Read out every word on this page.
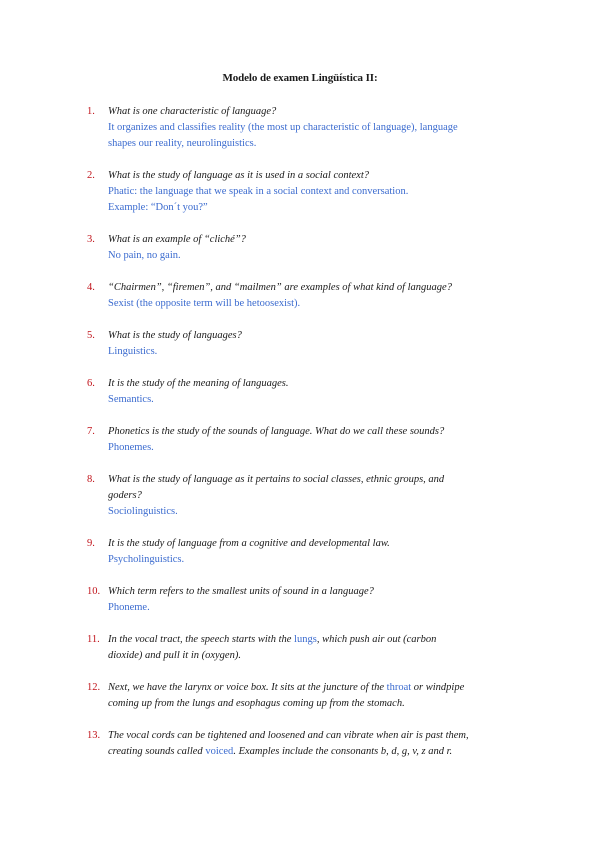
Modelo de examen Lingüística II:
1.	What is one characteristic of language?
It organizes and classifies reality (the most up characteristic of language), language
shapes our reality, neurolinguistics.
2.	What is the study of language as it is used in a social context?
Phatic: the language that we speak in a social context and conversation.
Example: “Don´t you?”
3.	What is an example of “cliché”?
No pain, no gain.
4.	“Chairmen”, “firemen”, and “mailmen” are examples of what kind of language?
Sexist (the opposite term will be hetoosexist).
5.	What is the study of languages?
Linguistics.
6.	It is the study of the meaning of languages.
Semantics.
7.	Phonetics is the study of the sounds of language. What do we call these sounds?
Phonemes.
8.	What is the study of language as it pertains to social classes, ethnic groups, and
goders?
Sociolinguistics.
9.	It is the study of language from a cognitive and developmental law.
Psycholinguistics.
10. Which term refers to the smallest units of sound in a language?
Phoneme.
11. In the vocal tract, the speech starts with the lungs, which push air out (carbon
dioxide) and pull it in (oxygen).
12. Next, we have the larynx or voice box. It sits at the juncture of the throat or windpipe
coming up from the lungs and esophagus coming up from the stomach.
13. The vocal cords can be tightened and loosened and can vibrate when air is past them,
creating sounds called voiced. Examples include the consonants b, d, g, v, z and r.
